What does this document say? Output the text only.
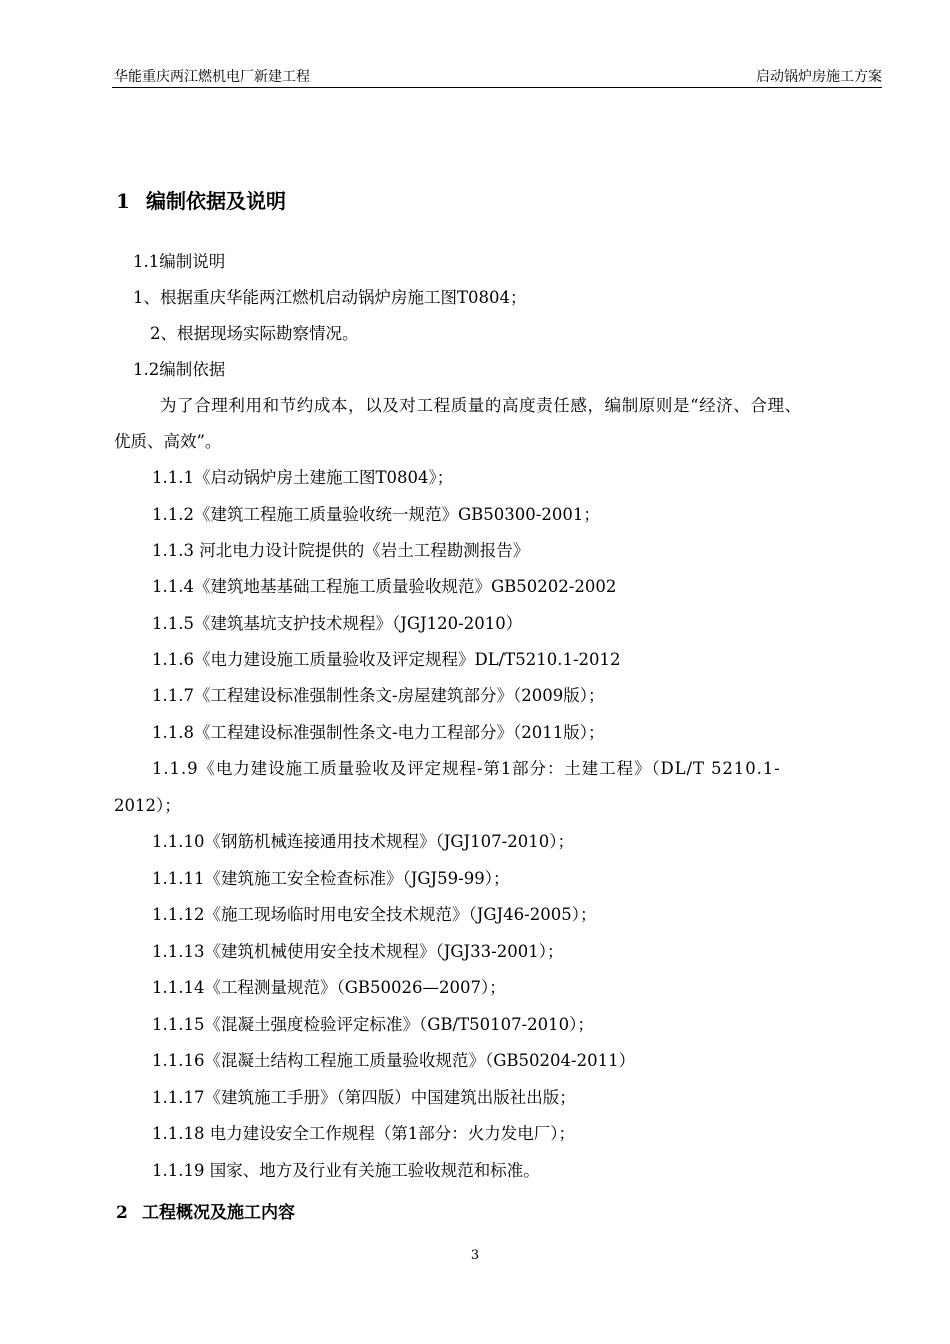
华能重庆两江燃机电厂新建工程	启动锅炉房施工方案
1 编制依据及说明
1.1编制说明
1、根据重庆华能两江燃机启动锅炉房施工图T0804；
2、根据现场实际勘察情况。
1.2编制依据
为了合理利用和节约成本，以及对工程质量的高度责任感，编制原则是“经济、合理、
优质、高效”。
1.1.1《启动锅炉房土建施工图T0804》；
1.1.2《建筑工程施工质量验收统一规范》GB50300-2001；
1.1.3 河北电力设计院提供的《岩土工程勘测报告》
1.1.4《建筑地基基础工程施工质量验收规范》GB50202-2002
1.1.5《建筑基坑支护技术规程》（JGJ120-2010）
1.1.6《电力建设施工质量验收及评定规程》DL/T5210.1-2012
1.1.7《工程建设标准强制性条文-房屋建筑部分》（2009版）；
1.1.8《工程建设标准强制性条文-电力工程部分》（2011版）；
1.1.9《电力建设施工质量验收及评定规程-第1部分：土建工程》（DL/T 5210.1-
2012）；
1.1.10《钢筋机械连接通用技术规程》（JGJ107-2010）；
1.1.11《建筑施工安全检查标准》（JGJ59-99）；
1.1.12《施工现场临时用电安全技术规范》（JGJ46-2005）；
1.1.13《建筑机械使用安全技术规程》（JGJ33-2001）；
1.1.14《工程测量规范》（GB50026—2007）；
1.1.15《混凝土强度检验评定标准》（GB/T50107-2010）；
1.1.16《混凝土结构工程施工质量验收规范》（GB50204-2011）
1.1.17《建筑施工手册》（第四版）中国建筑出版社出版；
1.1.18 电力建设安全工作规程（第1部分：火力发电厂）；
1.1.19 国家、地方及行业有关施工验收规范和标准。
2 工程概况及施工内容
3
